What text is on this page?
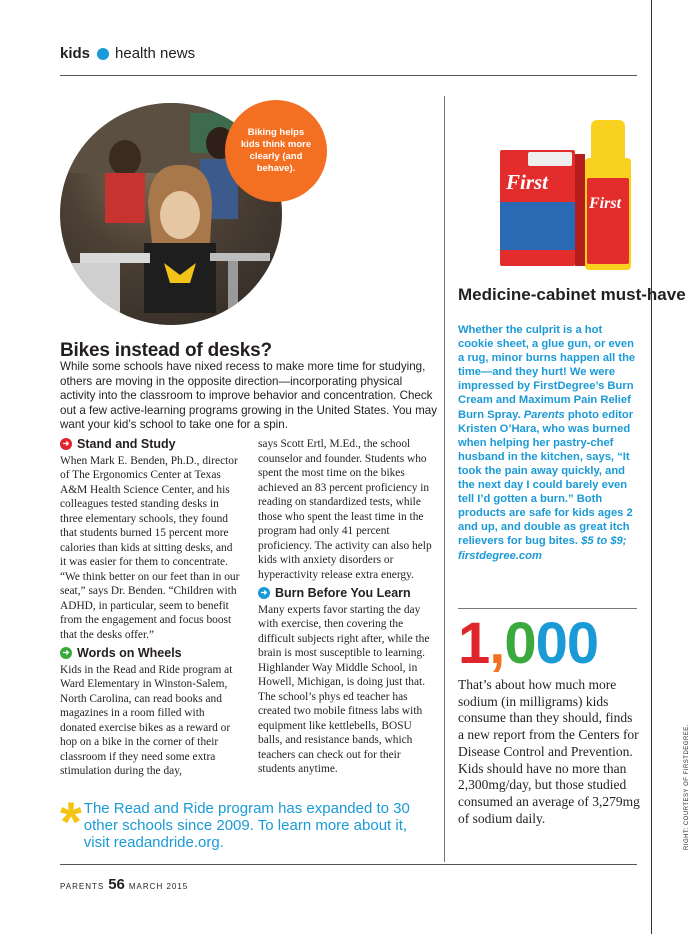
kids health news
Biking helps kids think more clearly (and behave).
Bikes instead of desks?
While some schools have nixed recess to make more time for studying, others are moving in the opposite direction—incorporating physical activity into the classroom to improve behavior and concentration. Check out a few active-learning programs growing in the United States. You may want your kid’s school to take one for a spin.
➜ Stand and Study
When Mark E. Benden, Ph.D., director of The Ergonomics Center at Texas A&M Health Science Center, and his colleagues tested standing desks in three elementary schools, they found that students burned 15 percent more calories than kids at sitting desks, and it was easier for them to concentrate. “We think better on our feet than in our seat,” says Dr. Benden. “Children with ADHD, in particular, seem to benefit from the engagement and focus boost that the desks offer.”
➜ Words on Wheels
Kids in the Read and Ride program at Ward Elementary in Winston-Salem, North Carolina, can read books and magazines in a room filled with donated exercise bikes as a reward or hop on a bike in the corner of their classroom if they need some extra stimulation during the day,
says Scott Ertl, M.Ed., the school counselor and founder. Students who spent the most time on the bikes achieved an 83 percent proficiency in reading on standardized tests, while those who spent the least time in the program had only 41 percent proficiency. The activity can also help kids with anxiety disorders or hyperactivity release extra energy.
➜ Burn Before You Learn
Many experts favor starting the day with exercise, then covering the difficult subjects right after, while the brain is most susceptible to learning. Highlander Way Middle School, in Howell, Michigan, is doing just that. The school’s phys ed teacher has created two mobile fitness labs with equipment like kettlebells, BOSU balls, and resistance bands, which teachers can check out for their students anytime.
* The Read and Ride program has expanded to 30 other schools since 2009. To learn more about it, visit readandride.org.
First
First
Medicine-cabinet must-have
Whether the culprit is a hot cookie sheet, a glue gun, or even a rug, minor burns happen all the time—and they hurt! We were impressed by FirstDegree’s Burn Cream and Maximum Pain Relief Burn Spray. Parents photo editor Kristen O’Hara, who was burned when helping her pastry-chef husband in the kitchen, says, “It took the pain away quickly, and the next day I could barely even tell I’d gotten a burn.” Both products are safe for kids ages 2 and up, and double as great itch relievers for bug bites. $5 to $9; firstdegree.com
1,000
That’s about how much more sodium (in milligrams) kids consume than they should, finds a new report from the Centers for Disease Control and Prevention. Kids should have no more than 2,300mg/day, but those studied consumed an average of 3,279mg of sodium daily.	RIGHT: COURTESY OF FIRSTDEGREE.
PARENTS 56 MARCH 2015
